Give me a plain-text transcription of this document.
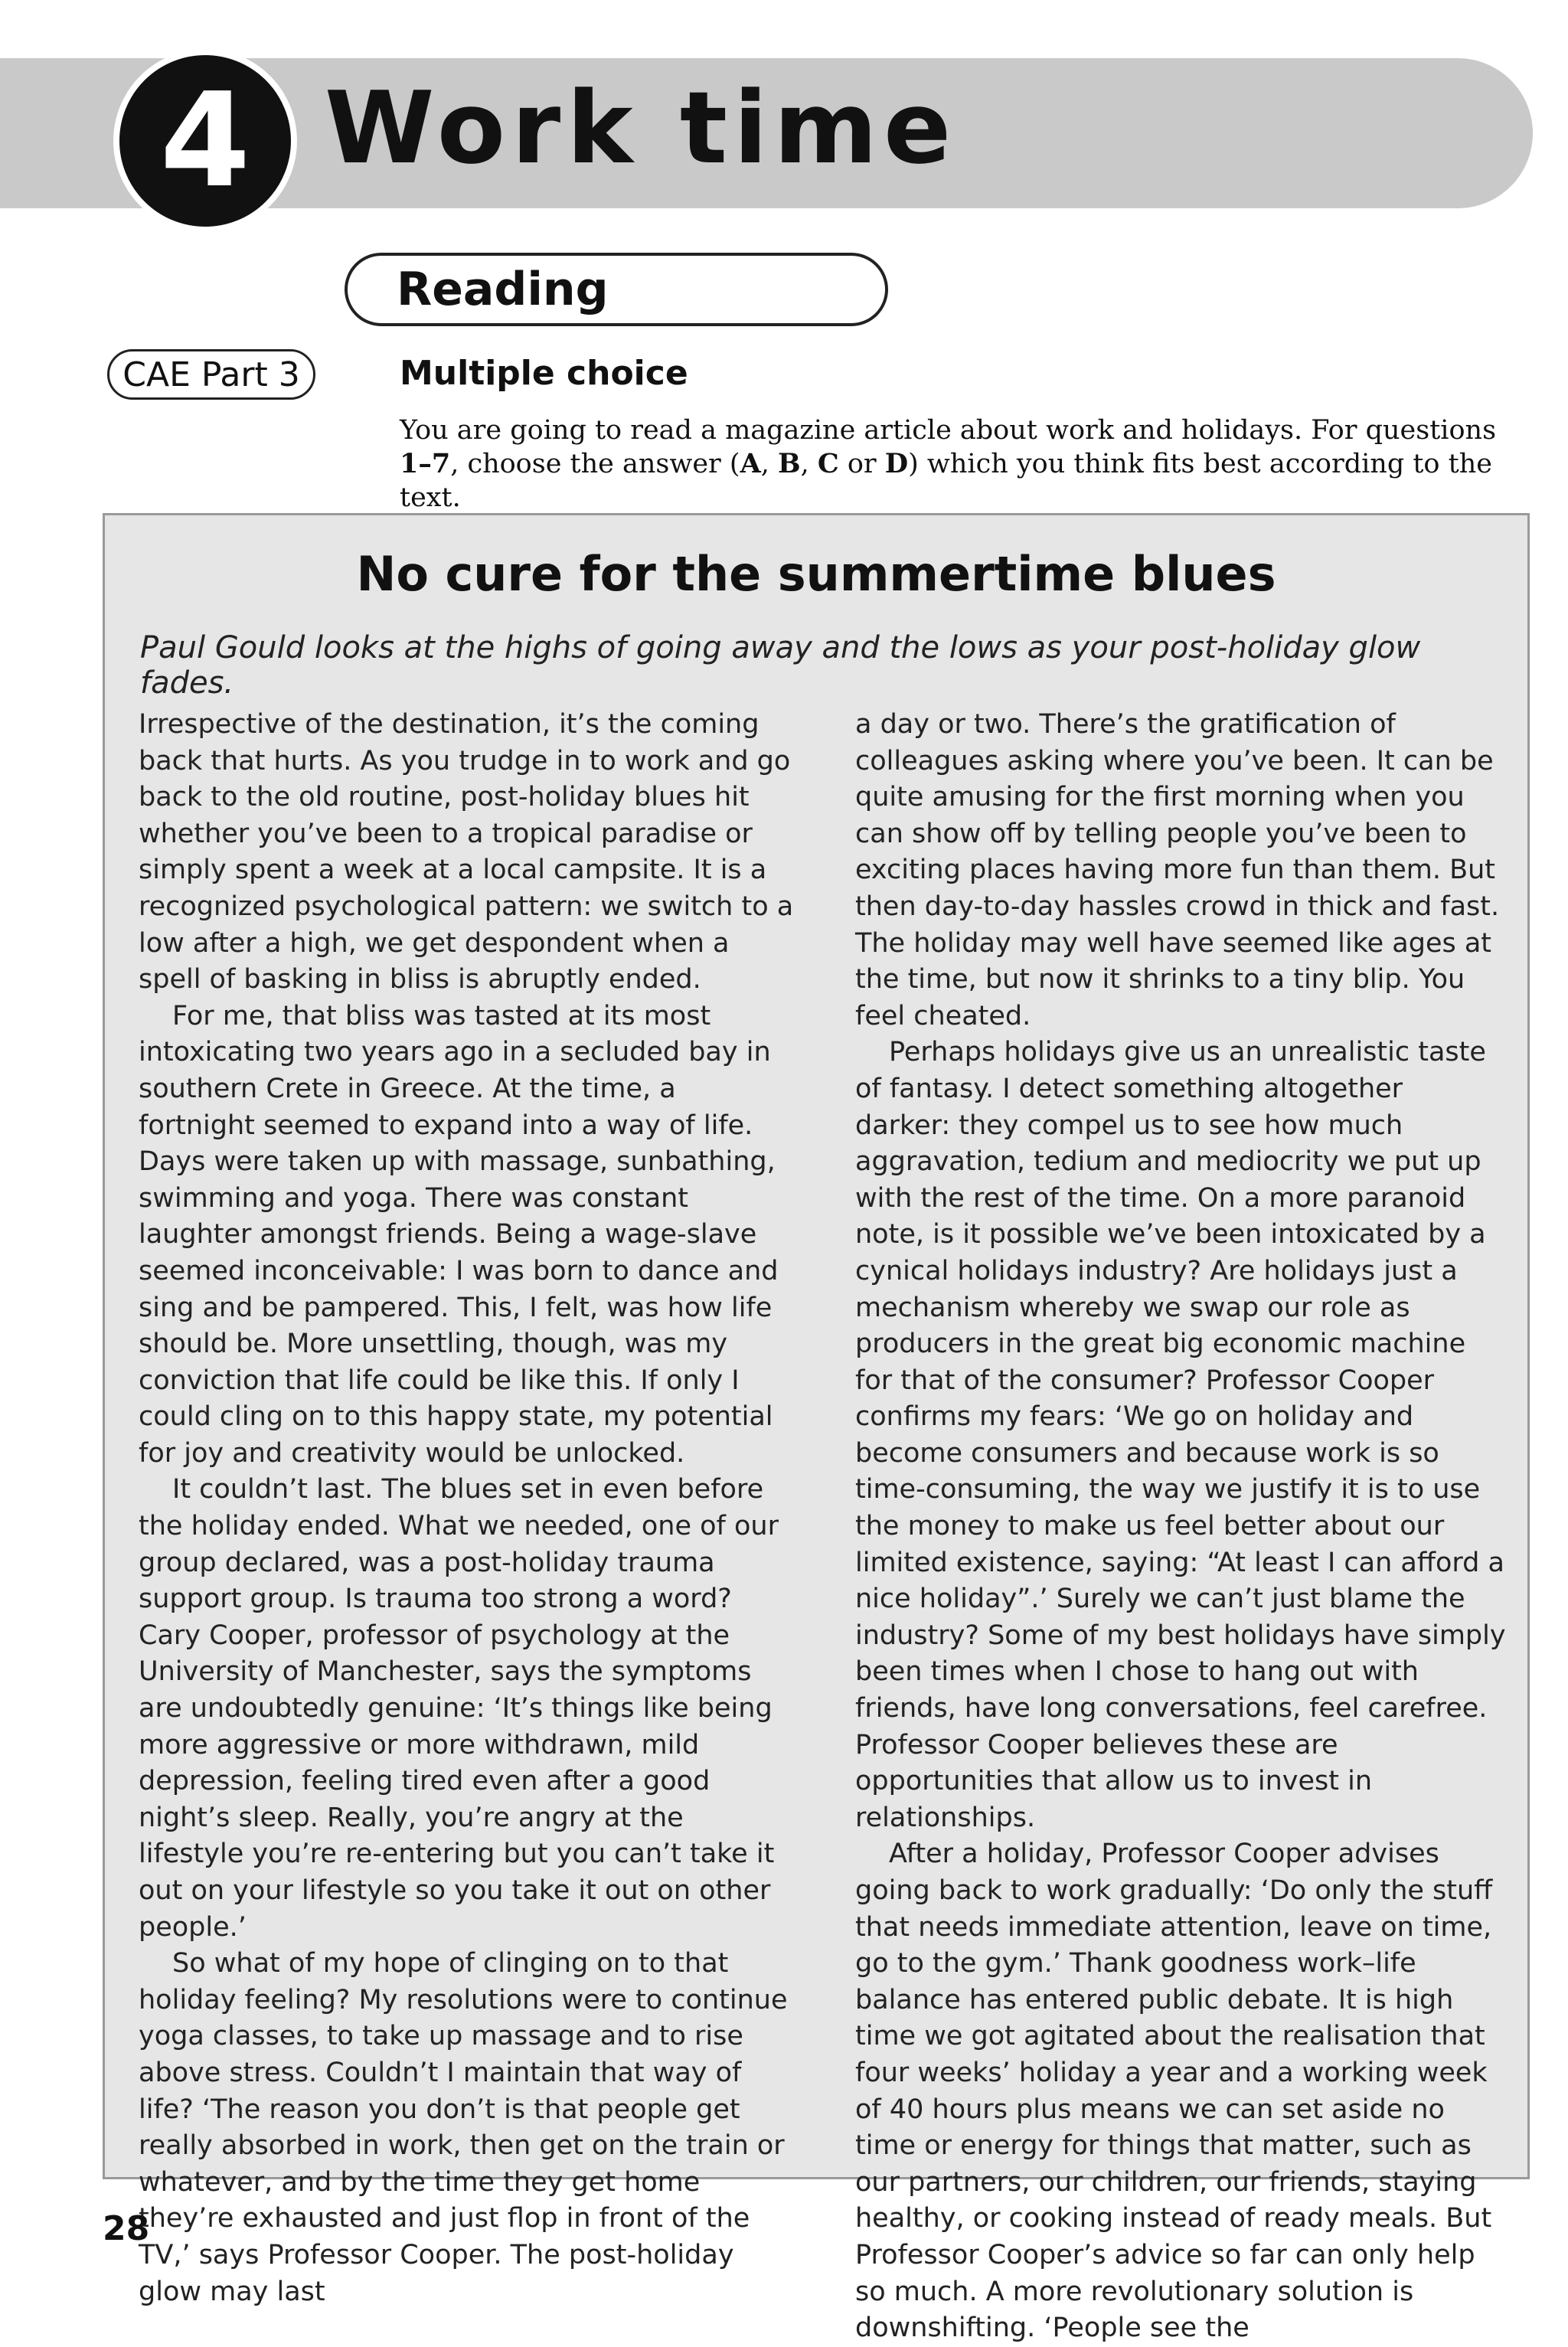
4 Work time
Reading
CAE Part 3	Multiple choice
You are going to read a magazine article about work and holidays. For questions 1–7, choose the answer (A, B, C or D) which you think fits best according to the text.
No cure for the summertime blues
Paul Gould looks at the highs of going away and the lows as your post-holiday glow fades.

Irrespective of the destination, it’s the coming back that hurts. As you trudge in to work and go back to the old routine, post-holiday blues hit whether you’ve been to a tropical paradise or simply spent a week at a local campsite. It is a recognized psychological pattern: we switch to a low after a high, we get despondent when a spell of basking in bliss is abruptly ended.

For me, that bliss was tasted at its most intoxicating two years ago in a secluded bay in southern Crete in Greece. At the time, a fortnight seemed to expand into a way of life. Days were taken up with massage, sunbathing, swimming and yoga. There was constant laughter amongst friends. Being a wage-slave seemed inconceivable: I was born to dance and sing and be pampered. This, I felt, was how life should be. More unsettling, though, was my conviction that life could be like this. If only I could cling on to this happy state, my potential for joy and creativity would be unlocked.

It couldn’t last. The blues set in even before the holiday ended. What we needed, one of our group declared, was a post-holiday trauma support group. Is trauma too strong a word? Cary Cooper, professor of psychology at the University of Manchester, says the symptoms are undoubtedly genuine: ‘It’s things like being more aggressive or more withdrawn, mild depression, feeling tired even after a good night’s sleep. Really, you’re angry at the lifestyle you’re re-entering but you can’t take it out on your lifestyle so you take it out on other people.’

So what of my hope of clinging on to that holiday feeling? My resolutions were to continue yoga classes, to take up massage and to rise above stress. Couldn’t I maintain that way of life? ‘The reason you don’t is that people get really absorbed in work, then get on the train or whatever, and by the time they get home they’re exhausted and just flop in front of the TV,’ says Professor Cooper. The post-holiday glow may last

a day or two. There’s the gratification of colleagues asking where you’ve been. It can be quite amusing for the first morning when you can show off by telling people you’ve been to exciting places having more fun than them. But then day-to-day hassles crowd in thick and fast. The holiday may well have seemed like ages at the time, but now it shrinks to a tiny blip. You feel cheated.

Perhaps holidays give us an unrealistic taste of fantasy. I detect something altogether darker: they compel us to see how much aggravation, tedium and mediocrity we put up with the rest of the time. On a more paranoid note, is it possible we’ve been intoxicated by a cynical holidays industry? Are holidays just a mechanism whereby we swap our role as producers in the great big economic machine for that of the consumer? Professor Cooper confirms my fears: ‘We go on holiday and become consumers and because work is so time-consuming, the way we justify it is to use the money to make us feel better about our limited existence, saying: “At least I can afford a nice holiday”.’ Surely we can’t just blame the industry? Some of my best holidays have simply been times when I chose to hang out with friends, have long conversations, feel carefree. Professor Cooper believes these are opportunities that allow us to invest in relationships.

After a holiday, Professor Cooper advises going back to work gradually: ‘Do only the stuff that needs immediate attention, leave on time, go to the gym.’ Thank goodness work–life balance has entered public debate. It is high time we got agitated about the realisation that four weeks’ holiday a year and a working week of 40 hours plus means we can set aside no time or energy for things that matter, such as our partners, our children, our friends, staying healthy, or cooking instead of ready meals. But Professor Cooper’s advice so far can only help so much. A more revolutionary solution is downshifting. ‘People see the

28
